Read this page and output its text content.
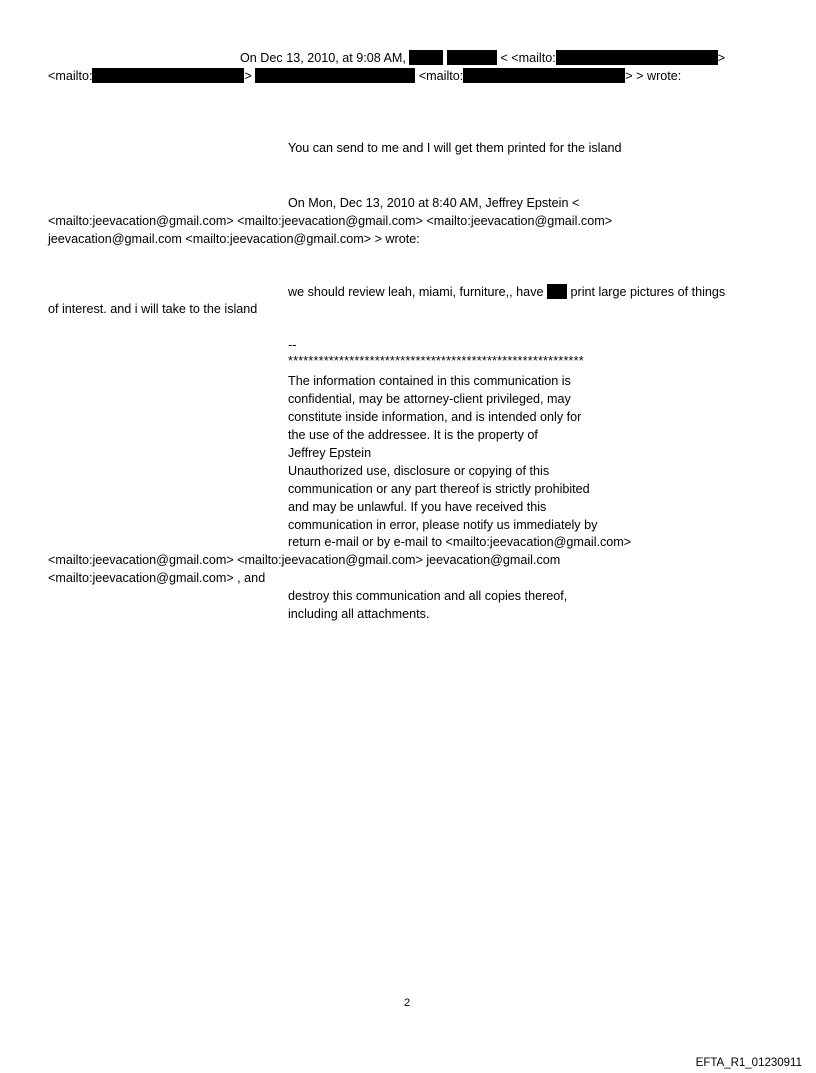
On Dec 13, 2010, at 9:08 AM,	< <mailto:	>
<mailto:	>	<mailto:	> > wrote:
You can send to me and I will get them printed for the island
On Mon, Dec 13, 2010 at 8:40 AM, Jeffrey Epstein <
<mailto:jeevacation@gmail.com> <mailto:jeevacation@gmail.com> <mailto:jeevacation@gmail.com>
jeevacation@gmail.com <mailto:jeevacation@gmail.com> > wrote:
we should review leah, miami, furniture,, have print large pictures of things
of interest. and i will take to the island
--
**********************************************************
The information contained in this communication is
confidential, may be attorney-client privileged, may
constitute inside information, and is intended only for
the use of the addressee. It is the property of
Jeffrey Epstein
Unauthorized use, disclosure or copying of this
communication or any part thereof is strictly prohibited
and may be unlawful. If you have received this
communication in error, please notify us immediately by
return e-mail or by e-mail to <mailto:jeevacation@gmail.com>
<mailto:jeevacation@gmail.com> <mailto:jeevacation@gmail.com> jeevacation@gmail.com
<mailto:jeevacation@gmail.com> , and
destroy this communication and all copies thereof,
including all attachments.
2
EFTA_R1_01230911
